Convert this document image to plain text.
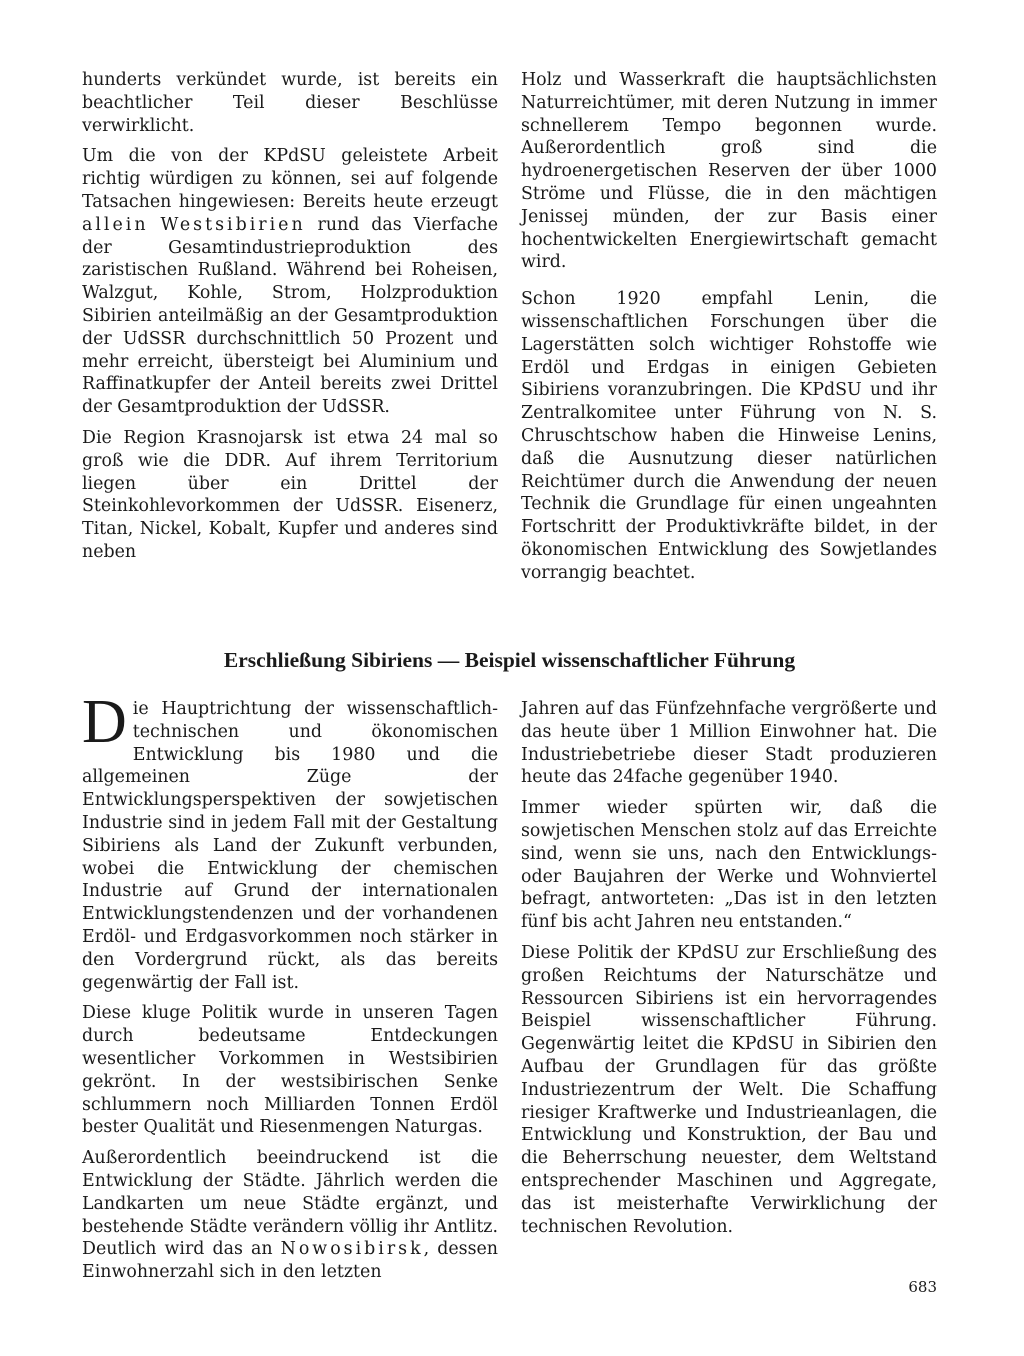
hunderts verkündet wurde, ist bereits ein beachtlicher Teil dieser Beschlüsse verwirklicht.

Um die von der KPdSU geleistete Arbeit richtig würdigen zu können, sei auf folgende Tatsachen hingewiesen: Bereits heute erzeugt allein Westsibirien rund das Vierfache der Gesamtindustrieproduktion des zaristischen Rußland. Während bei Roheisen, Walzgut, Kohle, Strom, Holzproduktion Sibirien anteilmäßig an der Gesamtproduktion der UdSSR durchschnittlich 50 Prozent und mehr erreicht, übersteigt bei Aluminium und Raffinatkupfer der Anteil bereits zwei Drittel der Gesamtproduktion der UdSSR.

Die Region Krasnojarsk ist etwa 24 mal so groß wie die DDR. Auf ihrem Territorium liegen über ein Drittel der Steinkohlevorkommen der UdSSR. Eisenerz, Titan, Nickel, Kobalt, Kupfer und anderes sind neben

Holz und Wasserkraft die hauptsächlichsten Naturreichtümer, mit deren Nutzung in immer schnellerem Tempo begonnen wurde. Außerordentlich groß sind die hydroenergetischen Reserven der über 1000 Ströme und Flüsse, die in den mächtigen Jenissej münden, der zur Basis einer hochentwickelten Energiewirtschaft gemacht wird.

Schon 1920 empfahl Lenin, die wissenschaftlichen Forschungen über die Lagerstätten solch wichtiger Rohstoffe wie Erdöl und Erdgas in einigen Gebieten Sibiriens voranzubringen. Die KPdSU und ihr Zentralkomitee unter Führung von N. S. Chruschtschow haben die Hinweise Lenins, daß die Ausnutzung dieser natürlichen Reichtümer durch die Anwendung der neuen Technik die Grundlage für einen ungeahnten Fortschritt der Produktivkräfte bildet, in der ökonomischen Entwicklung des Sowjetlandes vorrangig beachtet.

Erschließung Sibiriens — Beispiel wissenschaftlicher Führung

Die Hauptrichtung der wissenschaftlich-technischen und ökonomischen Entwicklung bis 1980 und die allgemeinen Züge der Entwicklungsperspektiven der sowjetischen Industrie sind in jedem Fall mit der Gestaltung Sibiriens als Land der Zukunft verbunden, wobei die Entwicklung der chemischen Industrie auf Grund der internationalen Entwicklungstendenzen und der vorhandenen Erdöl- und Erdgasvorkommen noch stärker in den Vordergrund rückt, als das bereits gegenwärtig der Fall ist.

Diese kluge Politik wurde in unseren Tagen durch bedeutsame Entdeckungen wesentlicher Vorkommen in Westsibirien gekrönt. In der westsibirischen Senke schlummern noch Milliarden Tonnen Erdöl bester Qualität und Riesenmengen Naturgas.

Außerordentlich beeindruckend ist die Entwicklung der Städte. Jährlich werden die Landkarten um neue Städte ergänzt, und bestehende Städte verändern völlig ihr Antlitz. Deutlich wird das an Nowosibirsk, dessen Einwohnerzahl sich in den letzten

Jahren auf das Fünfzehnfache vergrößerte und das heute über 1 Million Einwohner hat. Die Industriebetriebe dieser Stadt produzieren heute das 24fache gegenüber 1940.

Immer wieder spürten wir, daß die sowjetischen Menschen stolz auf das Erreichte sind, wenn sie uns, nach den Entwicklungs- oder Baujahren der Werke und Wohnviertel befragt, antworteten: „Das ist in den letzten fünf bis acht Jahren neu entstanden.“

Diese Politik der KPdSU zur Erschließung des großen Reichtums der Naturschätze und Ressourcen Sibiriens ist ein hervorragendes Beispiel wissenschaftlicher Führung. Gegenwärtig leitet die KPdSU in Sibirien den Aufbau der Grundlagen für das größte Industriezentrum der Welt. Die Schaffung riesiger Kraftwerke und Industrieanlagen, die Entwicklung und Konstruktion, der Bau und die Beherrschung neuester, dem Weltstand entsprechender Maschinen und Aggregate, das ist meisterhafte Verwirklichung der technischen Revolution.

683
